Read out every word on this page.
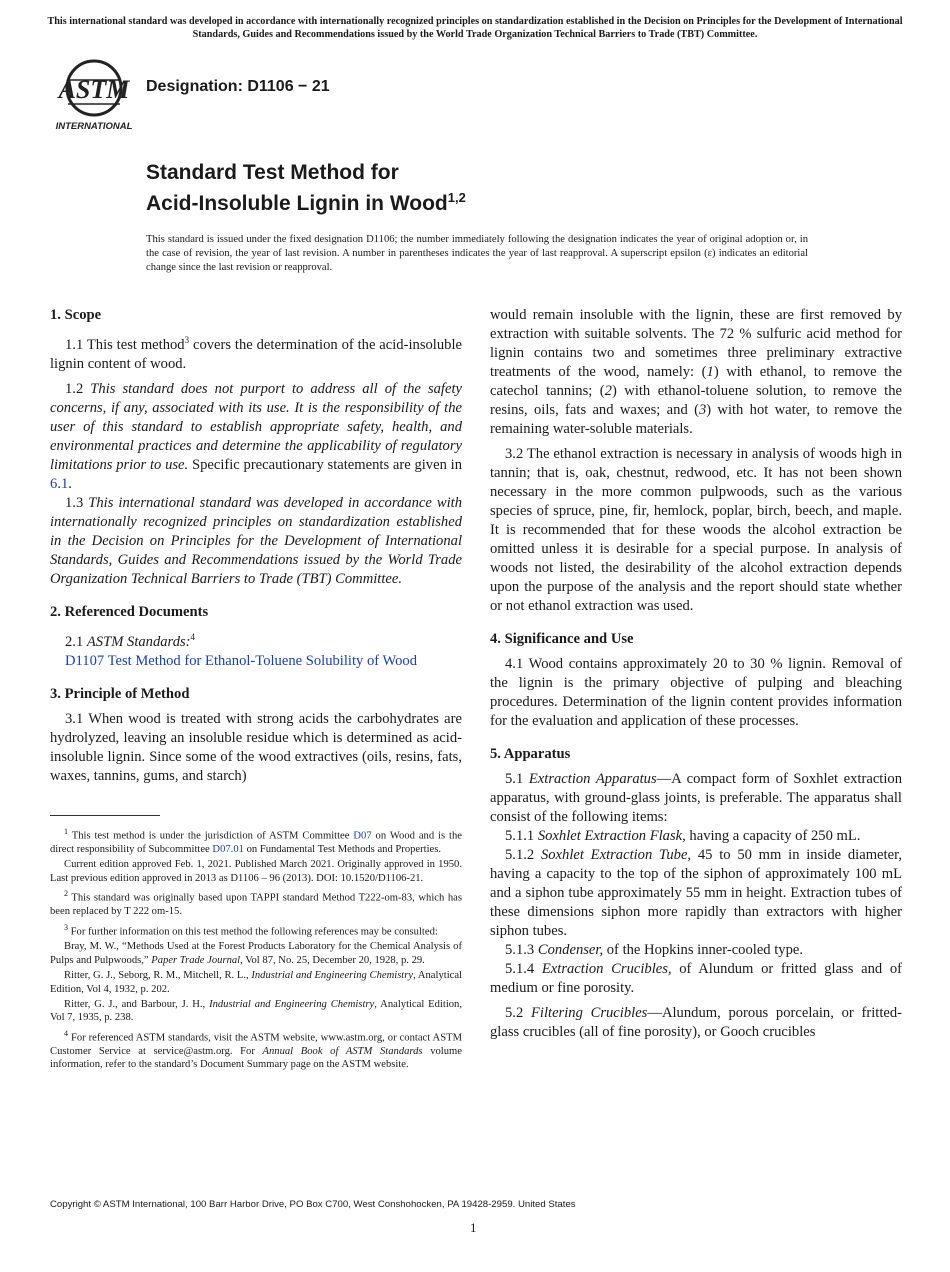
This international standard was developed in accordance with internationally recognized principles on standardization established in the Decision on Principles for the Development of International Standards, Guides and Recommendations issued by the World Trade Organization Technical Barriers to Trade (TBT) Committee.
ASTM
INTERNATIONAL
Designation: D1106 − 21
Standard Test Method for
Acid-Insoluble Lignin in Wood$^{1,2}$
This standard is issued under the fixed designation D1106; the number immediately following the designation indicates the year of original adoption or, in the case of revision, the year of last revision. A number in parentheses indicates the year of last reapproval. A superscript epsilon (ε) indicates an editorial change since the last revision or reapproval.
1. Scope

1.1 This test method$^3$ covers the determination of the acid-insoluble lignin content of wood.

1.2 This standard does not purport to address all of the safety concerns, if any, associated with its use. It is the responsibility of the user of this standard to establish appropriate safety, health, and environmental practices and determine the applicability of regulatory limitations prior to use. Specific precautionary statements are given in 6.1.

1.3 This international standard was developed in accordance with internationally recognized principles on standardization established in the Decision on Principles for the Development of International Standards, Guides and Recommendations issued by the World Trade Organization Technical Barriers to Trade (TBT) Committee.

2. Referenced Documents

2.1 ASTM Standards:$^4$

D1107 Test Method for Ethanol-Toluene Solubility of Wood

3. Principle of Method

3.1 When wood is treated with strong acids the carbohydrates are hydrolyzed, leaving an insoluble residue which is determined as acid-insoluble lignin. Since some of the wood extractives (oils, resins, fats, waxes, tannins, gums, and starch)

$^1$ This test method is under the jurisdiction of ASTM Committee D07 on Wood and is the direct responsibility of Subcommittee D07.01 on Fundamental Test Methods and Properties.

Current edition approved Feb. 1, 2021. Published March 2021. Originally approved in 1950. Last previous edition approved in 2013 as D1106 – 96 (2013). DOI: 10.1520/D1106-21.

$^2$ This standard was originally based upon TAPPI standard Method T222-om-83, which has been replaced by T 222 om-15.

$^3$ For further information on this test method the following references may be consulted:

Bray, M. W., “Methods Used at the Forest Products Laboratory for the Chemical Analysis of Pulps and Pulpwoods,” Paper Trade Journal, Vol 87, No. 25, December 20, 1928, p. 29.

Ritter, G. J., Seborg, R. M., Mitchell, R. L., Industrial and Engineering Chemistry, Analytical Edition, Vol 4, 1932, p. 202.

Ritter, G. J., and Barbour, J. H., Industrial and Engineering Chemistry, Analytical Edition, Vol 7, 1935, p. 238.

$^4$ For referenced ASTM standards, visit the ASTM website, www.astm.org, or contact ASTM Customer Service at service@astm.org. For Annual Book of ASTM Standards volume information, refer to the standard’s Document Summary page on the ASTM website.

would remain insoluble with the lignin, these are first removed by extraction with suitable solvents. The 72 % sulfuric acid method for lignin contains two and sometimes three preliminary extractive treatments of the wood, namely: (1) with ethanol, to remove the catechol tannins; (2) with ethanol-toluene solution, to remove the resins, oils, fats and waxes; and (3) with hot water, to remove the remaining water-soluble materials.

3.2 The ethanol extraction is necessary in analysis of woods high in tannin; that is, oak, chestnut, redwood, etc. It has not been shown necessary in the more common pulpwoods, such as the various species of spruce, pine, fir, hemlock, poplar, birch, beech, and maple. It is recommended that for these woods the alcohol extraction be omitted unless it is desirable for a special purpose. In analysis of woods not listed, the desirability of the alcohol extraction depends upon the purpose of the analysis and the report should state whether or not ethanol extraction was used.

4. Significance and Use

4.1 Wood contains approximately 20 to 30 % lignin. Removal of the lignin is the primary objective of pulping and bleaching procedures. Determination of the lignin content provides information for the evaluation and application of these processes.

5. Apparatus

5.1 Extraction Apparatus—A compact form of Soxhlet extraction apparatus, with ground-glass joints, is preferable. The apparatus shall consist of the following items:

5.1.1 Soxhlet Extraction Flask, having a capacity of 250 mL.

5.1.2 Soxhlet Extraction Tube, 45 to 50 mm in inside diameter, having a capacity to the top of the siphon of approximately 100 mL and a siphon tube approximately 55 mm in height. Extraction tubes of these dimensions siphon more rapidly than extractors with higher siphon tubes.

5.1.3 Condenser, of the Hopkins inner-cooled type.

5.1.4 Extraction Crucibles, of Alundum or fritted glass and of medium or fine porosity.

5.2 Filtering Crucibles—Alundum, porous porcelain, or fritted-glass crucibles (all of fine porosity), or Gooch crucibles

Copyright © ASTM International, 100 Barr Harbor Drive, PO Box C700, West Conshohocken, PA 19428-2959. United States
1
